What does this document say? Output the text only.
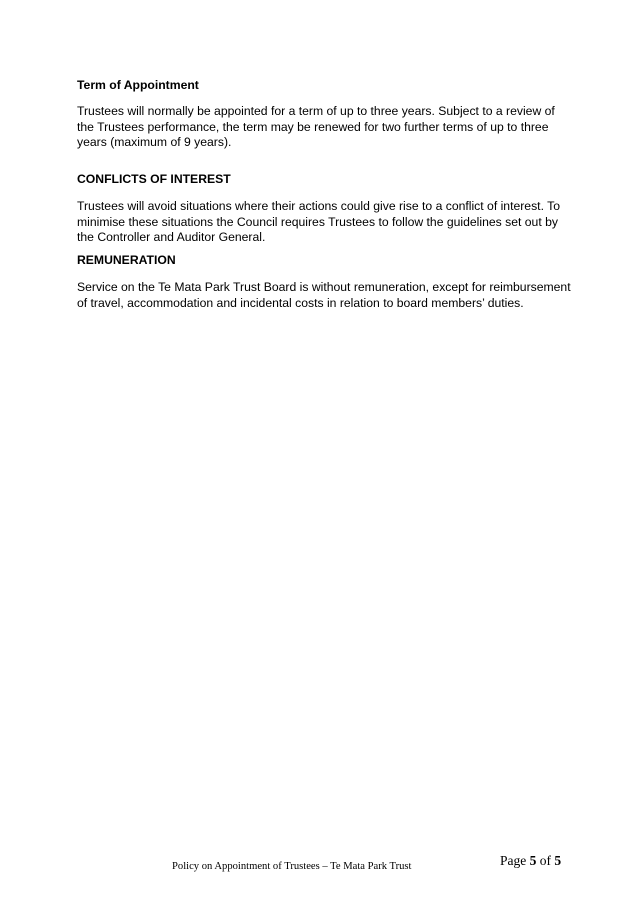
Term of Appointment

Trustees will normally be appointed for a term of up to three years. Subject to a review of
the Trustees performance, the term may be renewed for two further terms of up to three
years (maximum of 9 years).

CONFLICTS OF INTEREST

Trustees will avoid situations where their actions could give rise to a conflict of interest. To
minimise these situations the Council requires Trustees to follow the guidelines set out by
the Controller and Auditor General.

REMUNERATION

Service on the Te Mata Park Trust Board is without remuneration, except for reimbursement
of travel, accommodation and incidental costs in relation to board members’ duties.

Policy on Appointment of Trustees – Te Mata Park Trust	Page 5 of 5
